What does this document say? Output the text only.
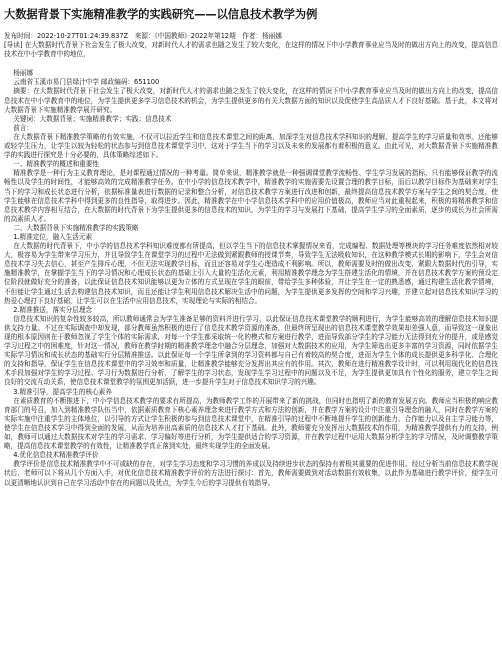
大数据背景下实施精准教学的实践研究——以信息技术教学为例
发布时间：2022-10-27T01:24:39.837Z　来源：《中国教师》2022年第12期　作者：杨丽娜

[导读] 在大数据时代背景下社会发生了极大改变，对新时代人才的需求也随之发生了较大变化，在这样的情况下中小学教育事业应当及时的做出方向上的改变，提高信息技术在中小学教育中的地位，

杨丽娜

云南省玉溪市易门县绿汁中学 邮政编码：651100

摘要：在大数据时代背景下社会发生了极大改变，对新时代人才的需求也随之发生了较大变化，在这样的情况下中小学教育事业应当及时的做出方向上的改变，提高信息技术在中小学教育中的地位，为学生提供更多学习信息技术的机会，为学生提供更多的有关大数据方面的知识以及促使学生高品质人才下良好基础。基于此，本文将对大数据背景下实施精准教学展开研究。

关键词：大数据背景；实施精准教学；实践；信息技术

前言：

在大数据背景下精准教学策略的有效实施，不仅可以拉近学生和信息技术课堂之间的距离，加深学生对信息技术学科知识的理解，提高学生的学习质量和效率。还能够或轻学生压力，让学生以较为轻松的状态参与到信息技术课堂学习中，这对于学生当下的学习以及未来的发展都有着积极的意义。由此可见，对大数据背景下实施精准教学的实践进行探究是十分必要的，具体策略综述如下。

一、精准教学的概述和重要性

精准教学是一种行为主义教育理论，是对课程通过情况的一种考量。简单来说，精准教学就是一种强调课堂教学流畅性、学生学习发展的指标，只有能够保证教学的流畅性以及学生的时间性，才能够高效的完成精准教学任务。在中小学的信息技术教学中，精准教学的实施需要先设置合理的教学目标，而后以教学目标作为基础来对学生当下的学习和成长状态进行分析，依据标准量表进行数据的记录和整合分析，对信息技术教学方案进行改进和创新，最终提高信息技术教学方案与学生之间的契合度，使学生能够在信息技术学科中得到更多的良性指导，取得进步。因此，精准教学在中小学信息技术学科中的应用价值极高，教师应当对此重视起来，积极的将精准教学和信息技术教学内容相互结合，在大数据的时代背景下为学生提供更多的信息技术的知识，为学生的学习与发展打下基础，提高学生学习的全面素质，逐步的成长为社会所需的高素质人才。

二、大数据背景下实施精准教学的实践策略

1.精准定位，融入生活元素

在大数据的时代背景下，中小学的信息技术学科知识难度都有所提高，但以学生当下的信息技术掌握情况来看，完成编程、数据处理等模块的学习任务难度依然相对较大，极容易为学生带来学习压力，并且导致学生在课堂学习的过程中无法做到紧跟教师的授课节奏，导致学生无法吸收知识，在这种教学模式长期的影响下，学生会对信息技术学习失去信心，甚至产生排斥心理，不但无法实现教学目标，而且还容易对学生心理造成不利影响。所以，教师需要及时的做出改变，紧跟大数据时代的引导，实施精准教学，在掌握学生当下的学习情况和心理成长状态的基础上引入大量的生活化元素，利用精准教学理念为学生搭建生活化的情境，并在信息技术教学方案的预设定位阶段就做好充分的准备，以此保证信息技术知识能够以更为立体的方式呈现在学生的眼前，带给学生多种体验，并让学生在一定的熟悉感，通过构建生活化教学情境，不但能让学生通过生活去构建信息技术知识，而且还能让学生利用信息技术解决生活中的问题，为学生提供更多发挥的空间和学习兴趣，并建立起对信息技术知识学习的热爱心理打下良好基础，让学生可以在生活中应用信息技术，实现理论与实际的相结合。

2.精准推送，落实分层理念

信息技术知识的复杂性较多较高，所以教师通常会为学生准备足够的资料并进行学习，以此保证信息技术课堂教学的顺利进行，为学生能够高效的理解信息技术知识提供支持力量。不过在实际调查中却发现，部分教师虽然积极的进行了信息技术教学资源的准备，但最终所呈现出的信息技术课堂教学效果却差强人意，而导致这一现象出现的根本原因则在于教师忽视了学生个体的实际需求，对每一个学生都采取统一化的模式和方案进行教学，进而导致部分学生的学习能力无法得到充分的提升，或是感觉学习过程之中的困难度，针对这一情况，教师在教学时期的精准教学理念中融合分层理念，加强对大数据技术的应用，为学生筛选出更多丰富的学习资源，同时依据学生实际学习情况和成长状态的基础实行分层精准推送。以此保证每一个学生所拿到的学习资料都与自己有着较高的契合度，进而为学生个体的成长提供更多科学化、合理化的支持和指导，保证学生在信息技术课堂中的学习效率和质量，让精准教学能够充分发挥出其应有的作用。其次，教师在进行精准教学设计时，可以利用现代化的信息技术手段加强对学生的学习过程、学习行为数据进行分析，了解学生的学习状态，发现学生学习过程中的问题以及不足，为学生提供更加具有个性化的服务，建立学生之间良好的交流互动关系，使信息技术课堂教学的氛围更加活跃，进一步提升学生对于信息技术知识学习的兴趣。

3.精准引导，提高学生的核心素养

在素质教育的不断推进下，中小学信息技术教学的要求有所提高，为教师教学工作的开展带来了新的挑战，但同时也指明了新的教育发展方向。教师应当积极的响应教育部门的号召，加入到精准教学队伍当中，依据素质教育下核心素养理念来进行教学方式和方法的创新，并在教学方案的设计中注重引导理念的融入，同时在教学方案的实际实施中注重学生的主体地位，以引导的方式让学生积极的参与到信息技术课堂中，在精准引导的过程中不断地提升学生的创新能力、合作能力以及自主学习能力等，使学生在信息技术学习中得到全面的发展，从而为培养出高素质的信息技术人才打下基础。此外，教师要充分发挥出大数据技术的作用，为精准教学提供有力的支持，例如，教师可以通过大数据技术对学生的学习需求、学习偏好等进行分析，为学生提供适合的学习资源，并在教学过程中运用大数据分析学生的学习情况，及时调整教学策略，提高信息技术课堂教学的有效性，让精准教学真正落到实处，最终实现学生的全面发展。

4.优化信息技术精准教学评价

教学评价是信息技术精准教学中不可或缺的存在，对学生学习态度和学习习惯的养成以及持续进步状态的保持有着极其重要的促进作用。经过分析当前信息技术教学现状后，老师可以下将从几个方面入手，对优化信息技术精准教学评价的方法进行探讨：首先，教师需要做到对活动数据有效收集，以此作为基础进行教学评价，便学生可以更清晰地认识到自己在学习活动中存在的问题以及优点，为学生今后的学习提供有效指导。
